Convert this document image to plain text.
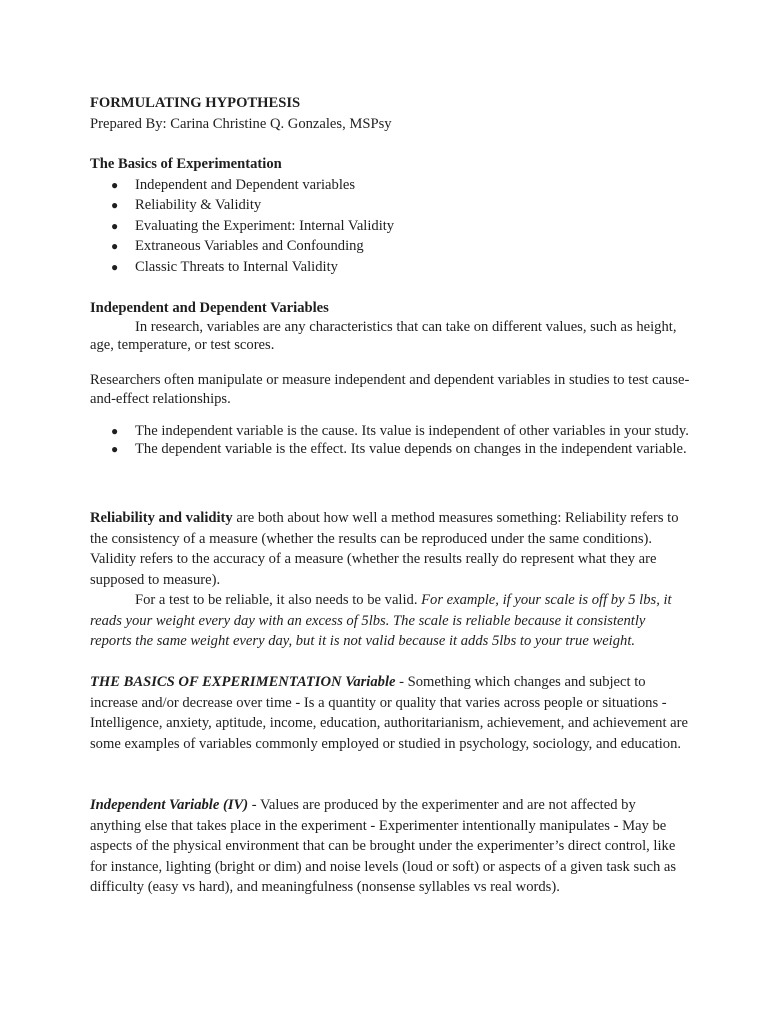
FORMULATING HYPOTHESIS

Prepared By: Carina Christine Q. Gonzales, MSPsy

The Basics of Experimentation

● Independent and Dependent variables
● Reliability & Validity
● Evaluating the Experiment: Internal Validity
● Extraneous Variables and Confounding
● Classic Threats to Internal Validity

Independent and Dependent Variables

In research, variables are any characteristics that can take on different values, such as height, age, temperature, or test scores.

Researchers often manipulate or measure independent and dependent variables in studies to test cause-and-effect relationships.

● The independent variable is the cause. Its value is independent of other variables in your study.
● The dependent variable is the effect. Its value depends on changes in the independent variable.

Reliability and validity are both about how well a method measures something: Reliability refers to the consistency of a measure (whether the results can be reproduced under the same conditions). Validity refers to the accuracy of a measure (whether the results really do represent what they are supposed to measure).

For a test to be reliable, it also needs to be valid. For example, if your scale is off by 5 lbs, it reads your weight every day with an excess of 5lbs. The scale is reliable because it consistently reports the same weight every day, but it is not valid because it adds 5lbs to your true weight.

THE BASICS OF EXPERIMENTATION Variable - Something which changes and subject to increase and/or decrease over time - Is a quantity or quality that varies across people or situations - Intelligence, anxiety, aptitude, income, education, authoritarianism, achievement, and achievement are some examples of variables commonly employed or studied in psychology, sociology, and education.

Independent Variable (IV) - Values are produced by the experimenter and are not affected by anything else that takes place in the experiment - Experimenter intentionally manipulates - May be aspects of the physical environment that can be brought under the experimenter’s direct control, like for instance, lighting (bright or dim) and noise levels (loud or soft) or aspects of a given task such as difficulty (easy vs hard), and meaningfulness (nonsense syllables vs real words).
